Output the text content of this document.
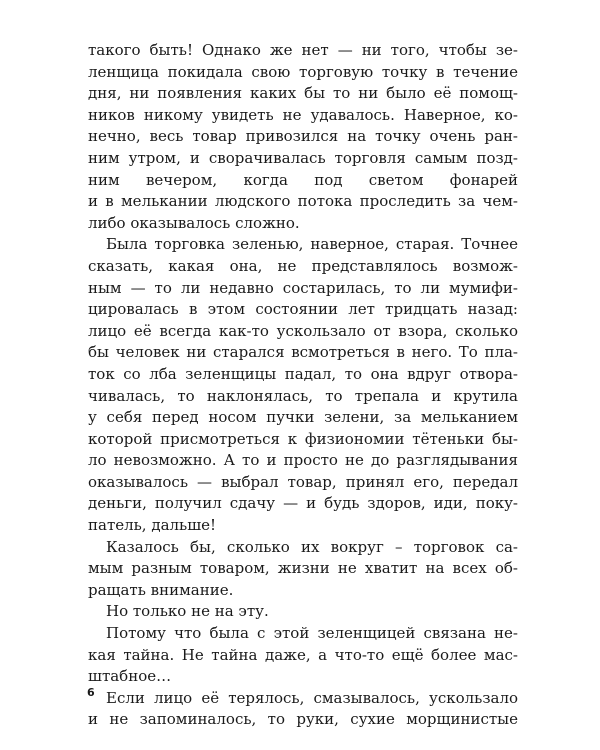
такого быть! Однако же нет — ни того, чтобы зе-
ленщица покидала свою торговую точку в течение
дня, ни появления каких бы то ни было её помощ-
ников никому увидеть не удавалось. Наверное, ко-
нечно, весь товар привозился на точку очень ран-
ним утром, и сворачивалась торговля самым позд-
ним вечером, когда под светом фонарей
и в мелькании людского потока проследить за чем-
либо оказывалось сложно.
Была торговка зеленью, наверное, старая. Точнее
сказать, какая она, не представлялось возмож-
ным — то ли недавно состарилась, то ли мумифи-
цировалась в этом состоянии лет тридцать назад:
лицо её всегда как-то ускользало от взора, сколько
бы человек ни старался всмотреться в него. То пла-
ток со лба зеленщицы падал, то она вдруг отвора-
чивалась, то наклонялась, то трепала и крутила
у себя перед носом пучки зелени, за мельканием
которой присмотреться к физиономии тётеньки бы-
ло невозможно. А то и просто не до разглядывания
оказывалось — выбрал товар, принял его, передал
деньги, получил сдачу — и будь здоров, иди, поку-
патель, дальше!
Казалось бы, сколько их вокруг – торговок са-
мым разным товаром, жизни не хватит на всех об-
ращать внимание.
Но только не на эту.
Потому что была с этой зеленщицей связана не-
кая тайна. Не тайна даже, а что-то ещё более мас-
штабное…
Если лицо её терялось, смазывалось, ускользало
и не запоминалось, то руки, сухие морщинистые
6
